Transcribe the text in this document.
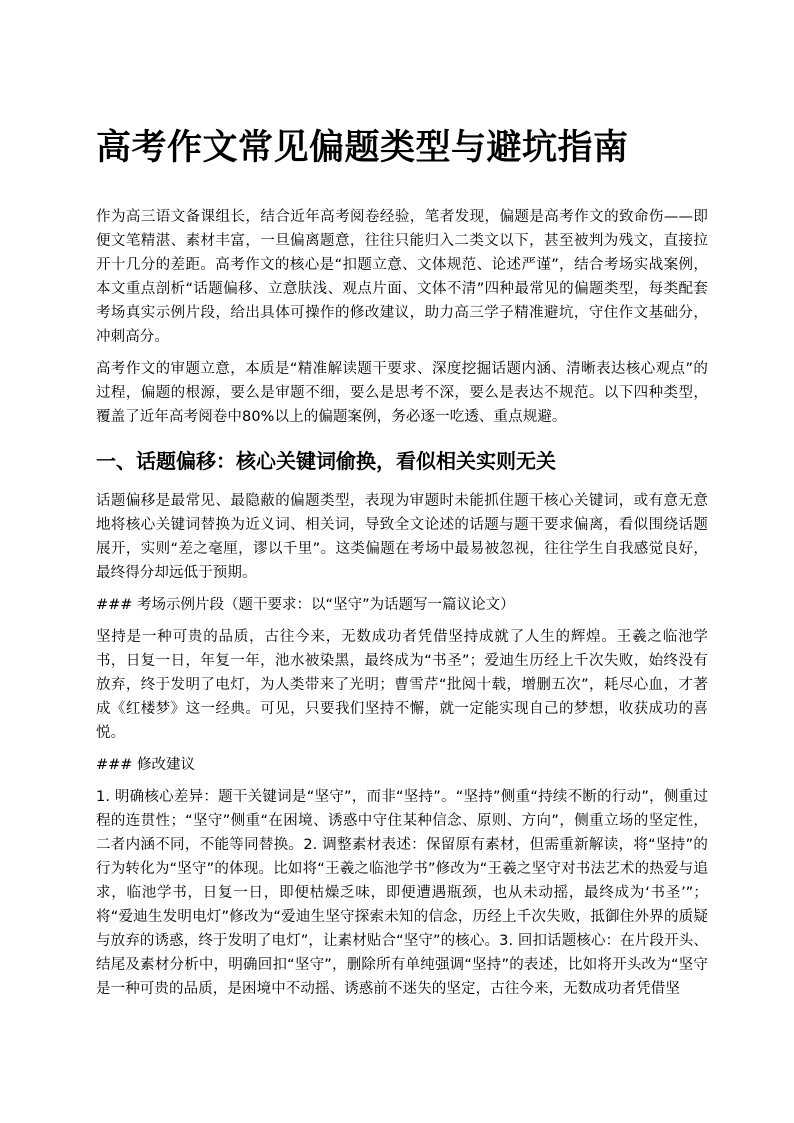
高考作文常见偏题类型与避坑指南

作为高三语文备课组长，结合近年高考阅卷经验，笔者发现，偏题是高考作文的致命伤——即便文笔精湛、素材丰富，一旦偏离题意，往往只能归入二类文以下，甚至被判为残文，直接拉开十几分的差距。高考作文的核心是“扣题立意、文体规范、论述严谨”，结合考场实战案例，本文重点剖析“话题偏移、立意肤浅、观点片面、文体不清”四种最常见的偏题类型，每类配套考场真实示例片段，给出具体可操作的修改建议，助力高三学子精准避坑，守住作文基础分，冲刺高分。

高考作文的审题立意，本质是“精准解读题干要求、深度挖掘话题内涵、清晰表达核心观点”的过程，偏题的根源，要么是审题不细，要么是思考不深，要么是表达不规范。以下四种类型，覆盖了近年高考阅卷中80%以上的偏题案例，务必逐一吃透、重点规避。

一、话题偏移：核心关键词偷换，看似相关实则无关

话题偏移是最常见、最隐蔽的偏题类型，表现为审题时未能抓住题干核心关键词，或有意无意地将核心关键词替换为近义词、相关词，导致全文论述的话题与题干要求偏离，看似围绕话题展开，实则“差之毫厘，谬以千里”。这类偏题在考场中最易被忽视，往往学生自我感觉良好，最终得分却远低于预期。

### 考场示例片段（题干要求：以“坚守”为话题写一篇议论文）

坚持是一种可贵的品质，古往今来，无数成功者凭借坚持成就了人生的辉煌。王羲之临池学书，日复一日，年复一年，池水被染黑，最终成为“书圣”；爱迪生历经上千次失败，始终没有放弃，终于发明了电灯，为人类带来了光明；曹雪芹“批阅十载，增删五次”，耗尽心血，才著成《红楼梦》这一经典。可见，只要我们坚持不懈，就一定能实现自己的梦想，收获成功的喜悦。

### 修改建议

1. 明确核心差异：题干关键词是“坚守”，而非“坚持”。“坚持”侧重“持续不断的行动”，侧重过程的连贯性；“坚守”侧重“在困境、诱惑中守住某种信念、原则、方向”，侧重立场的坚定性，二者内涵不同，不能等同替换。2. 调整素材表述：保留原有素材，但需重新解读，将“坚持”的行为转化为“坚守”的体现。比如将“王羲之临池学书”修改为“王羲之坚守对书法艺术的热爱与追求，临池学书，日复一日，即便枯燥乏味，即便遭遇瓶颈，也从未动摇，最终成为‘书圣’”；将“爱迪生发明电灯”修改为“爱迪生坚守探索未知的信念，历经上千次失败，抵御住外界的质疑与放弃的诱惑，终于发明了电灯”，让素材贴合“坚守”的核心。3. 回扣话题核心：在片段开头、结尾及素材分析中，明确回扣“坚守”，删除所有单纯强调“坚持”的表述，比如将开头改为“坚守是一种可贵的品质，是困境中不动摇、诱惑前不迷失的坚定，古往今来，无数成功者凭借坚
